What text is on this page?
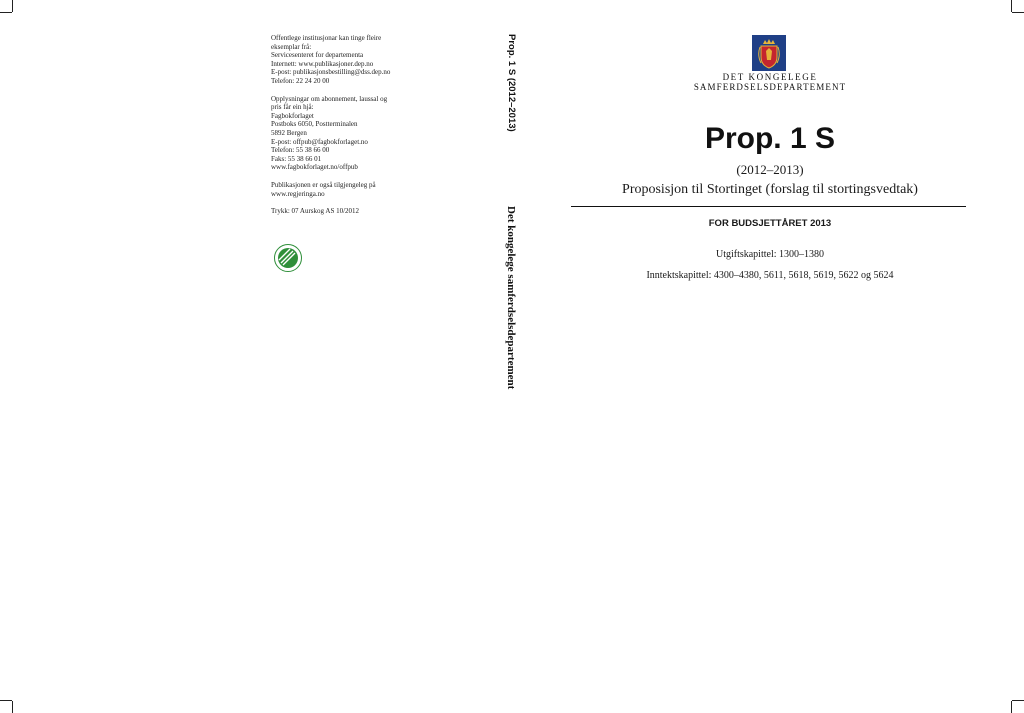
Offentlege institusjonar kan tinge fleire
eksemplar frå:
Servicesenteret for departementa
Internett: www.publikasjoner.dep.no
E-post: publikasjonsbestilling@dss.dep.no
Telefon: 22 24 20 00
Opplysningar om abonnement, laussal og
pris får ein hjå:
Fagbokforlaget
Postboks 6050, Postterminalen
5892 Bergen
E-post: offpub@fagbokforlaget.no
Telefon: 55 38 66 00
Faks: 55 38 66 01
www.fagbokforlaget.no/offpub
Publikasjonen er også tilgjengeleg på
www.regjeringa.no
Trykk: 07 Aurskog AS 10/2012
Prop. 1 S (2012–2013)
Det kongelege samferdselsdepartement
DET KONGELEGE
SAMFERDSELSDEPARTEMENT
Prop. 1 S
(2012–2013)
Proposisjon til Stortinget (forslag til stortingsvedtak)
FOR BUDSJETTÅRET 2013
Utgiftskapittel: 1300–1380
Inntektskapittel: 4300–4380, 5611, 5618, 5619, 5622 og 5624
